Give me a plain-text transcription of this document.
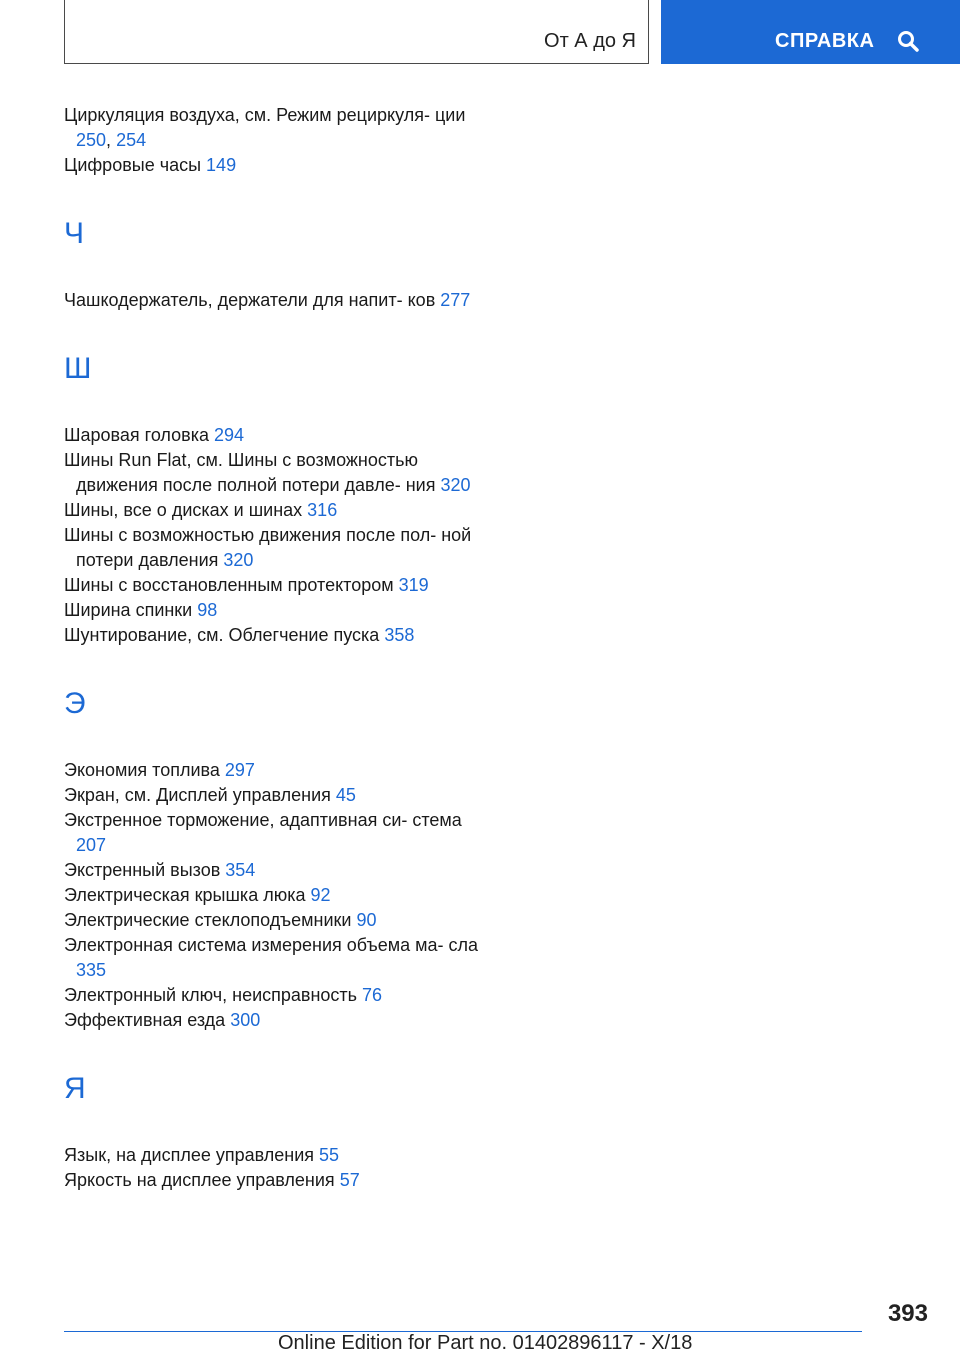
От А до Я	СПРАВКА
Циркуляция воздуха, см. Режим рециркуля- ции 250, 254
Цифровые часы 149
Ч
Чашкодержатель, держатели для напит- ков 277
Ш
Шаровая головка 294
Шины Run Flat, см. Шины с возможностью движения после полной потери давле- ния 320
Шины, все о дисках и шинах 316
Шины с возможностью движения после пол- ной потери давления 320
Шины с восстановленным протектором 319
Ширина спинки 98
Шунтирование, см. Облегчение пуска 358
Э
Экономия топлива 297
Экран, см. Дисплей управления 45
Экстренное торможение, адаптивная си- стема 207
Экстренный вызов 354
Электрическая крышка люка 92
Электрические стеклоподъемники 90
Электронная система измерения объема ма- сла 335
Электронный ключ, неисправность 76
Эффективная езда 300
Я
Язык, на дисплее управления 55
Яркость на дисплее управления 57
393
Online Edition for Part no. 01402896117 - X/18
